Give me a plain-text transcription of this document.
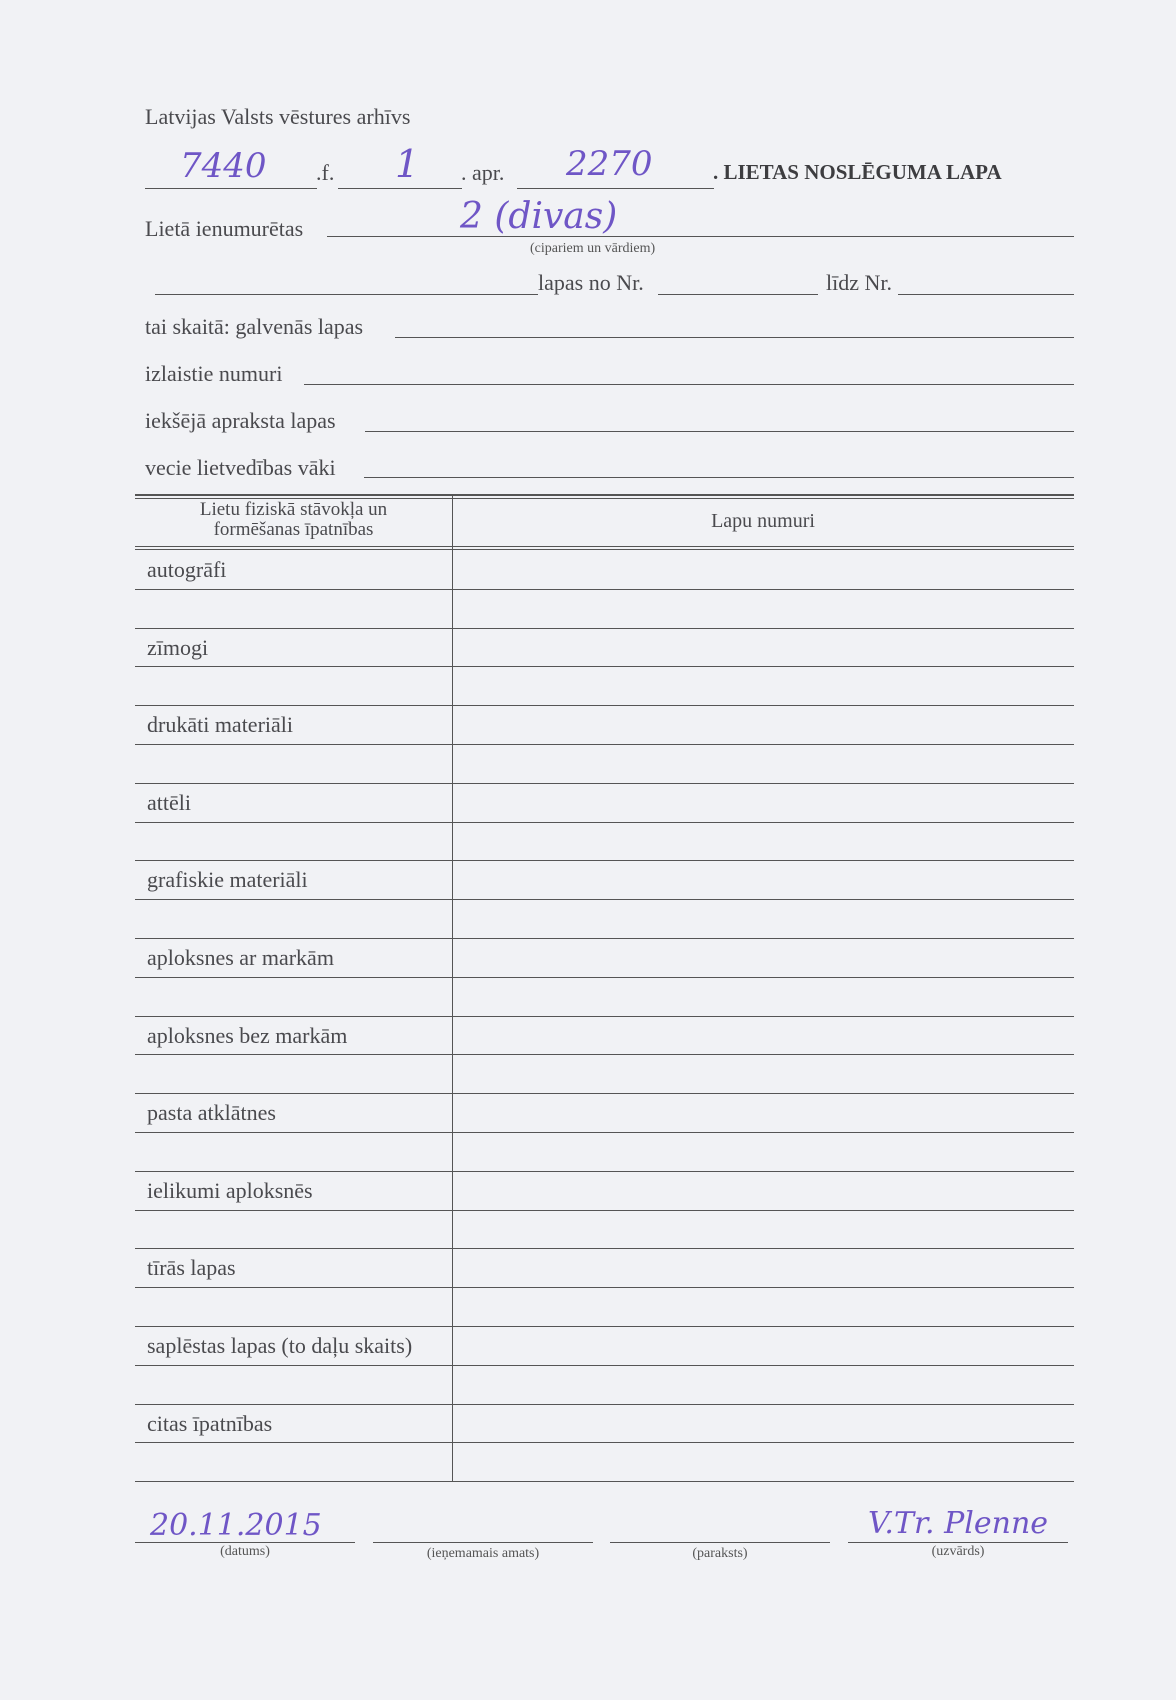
Latvijas Valsts vēstures arhīvs
7440 .f. 1 . apr. 2270	. LIETAS NOSLĒGUMA LAPA
Lietā ienumurētas	2 (divas)
(cipariem un vārdiem)
lapas no Nr.	līdz Nr.
tai skaitā: galvenās lapas
izlaistie numuri
iekšējā apraksta lapas
vecie lietvedības vāki
Lietu fiziskā stāvokļa un
formēšanas īpatnības	Lapu numuri
autogrāfi
zīmogi
drukāti materiāli
attēli
grafiskie materiāli
aploksnes ar markām
aploksnes bez markām
pasta atklātnes
ielikumi aploksnēs
tīrās lapas
saplēstas lapas (to daļu skaits)
citas īpatnības
20.11.2015
(datums)	(ieņemamais amats)	(paraksts)
V.Tr. Plenne
(uzvārds)
